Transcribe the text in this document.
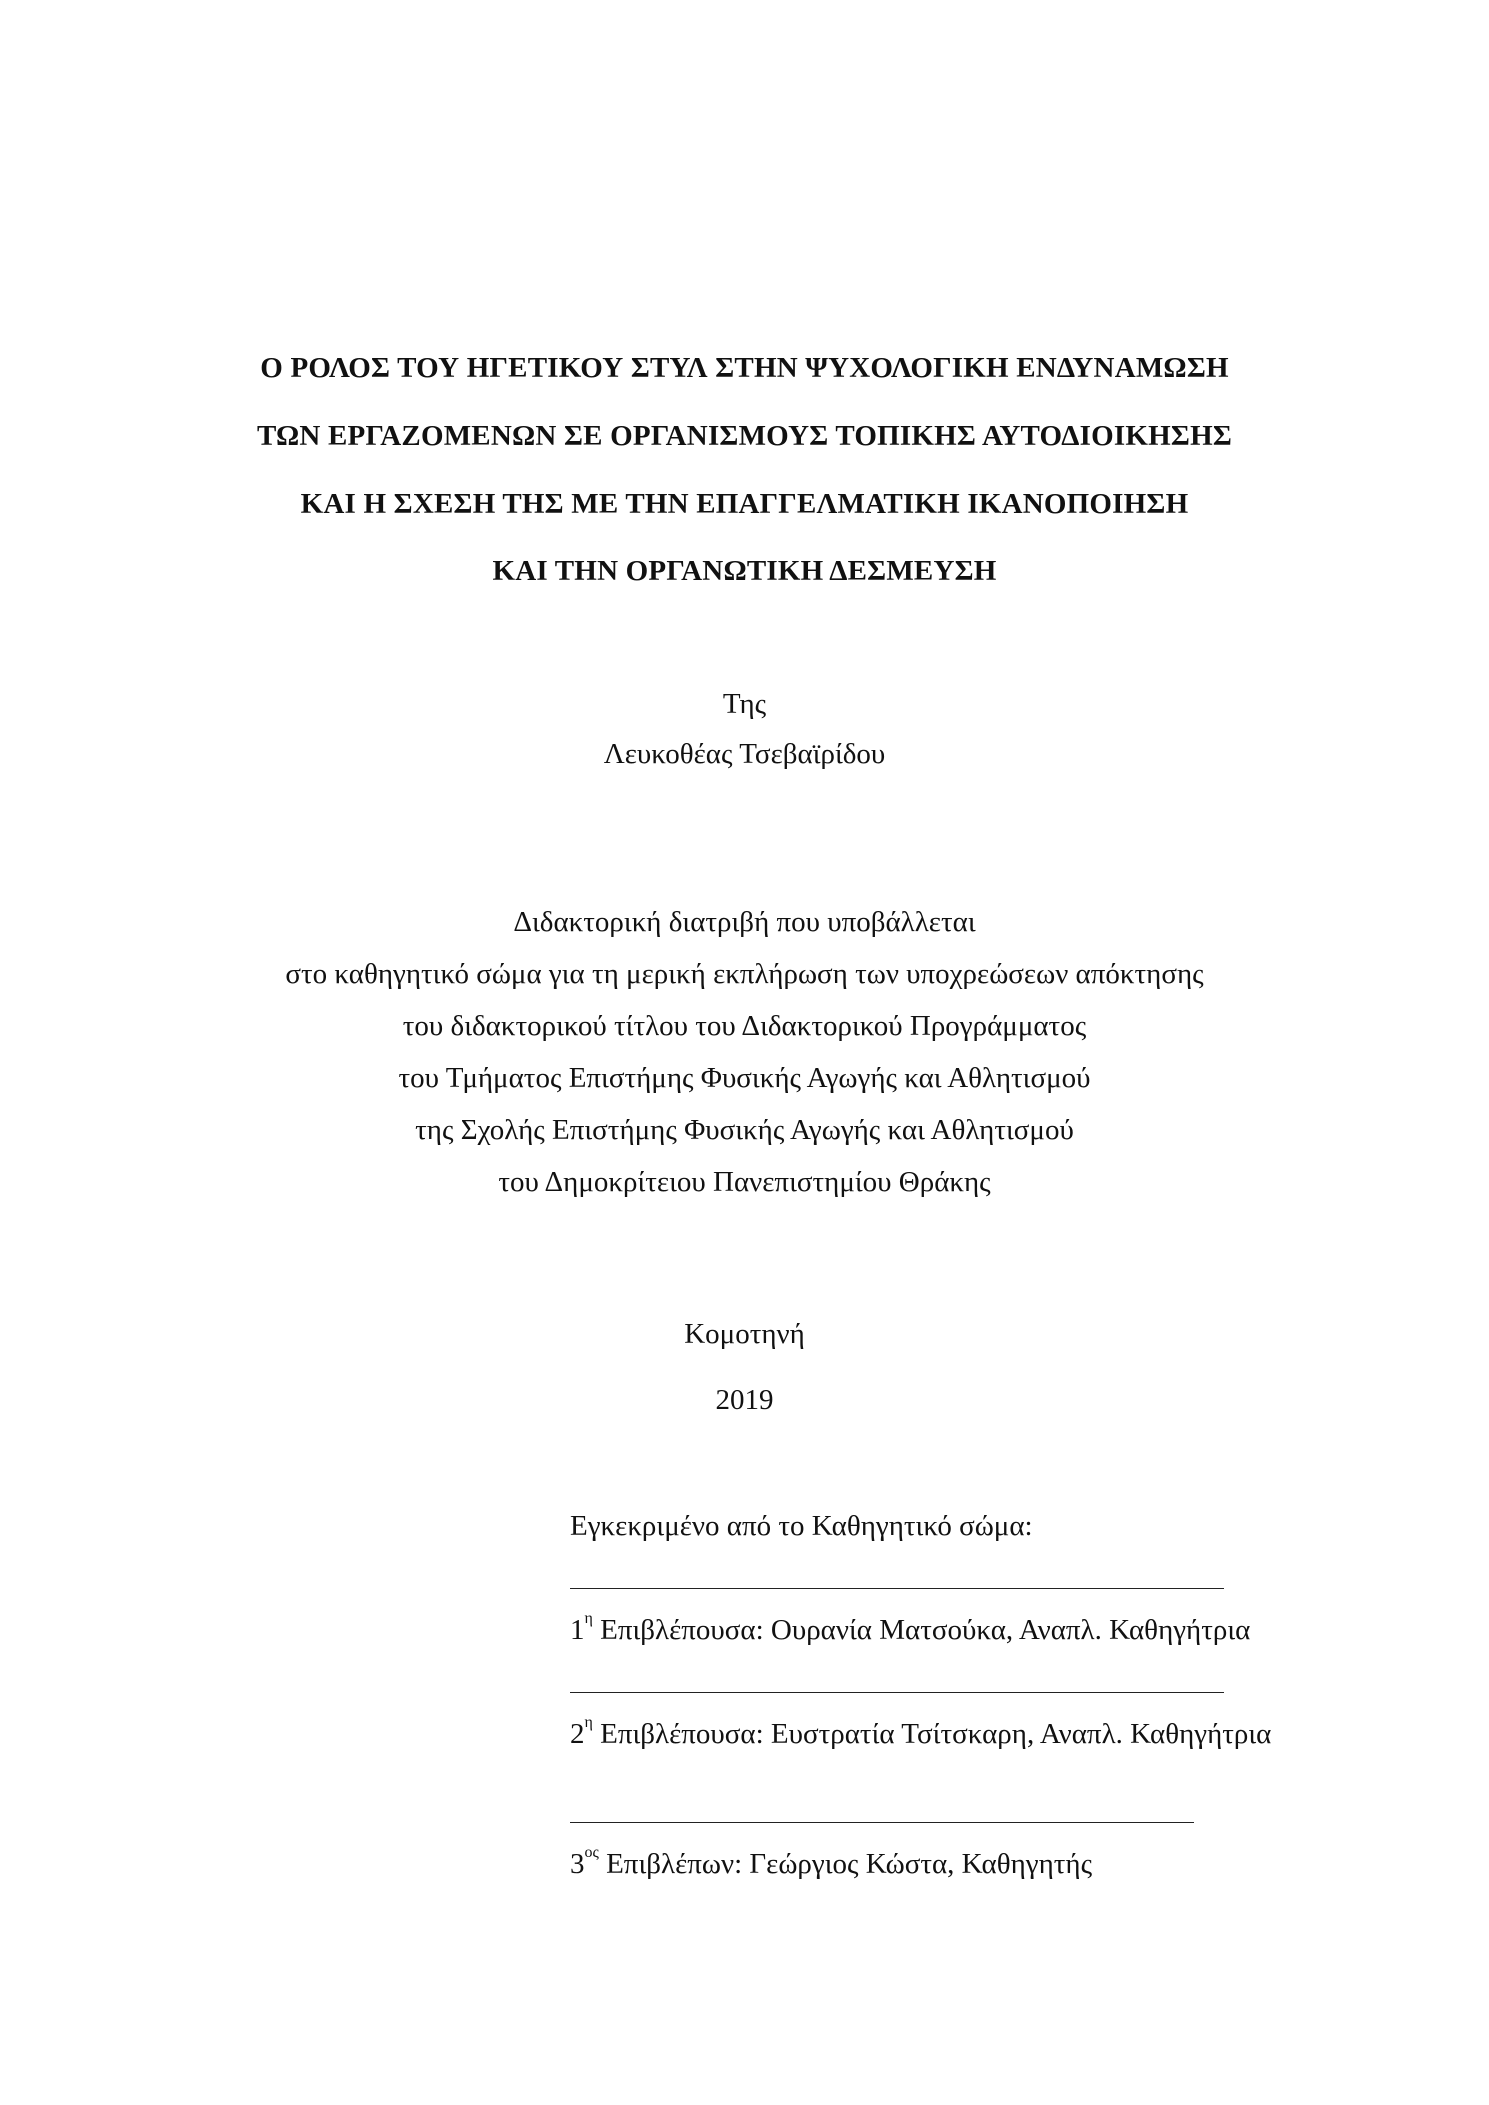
Ο ΡΟΛΟΣ ΤΟΥ ΗΓΕΤΙΚΟΥ ΣΤΥΛ ΣΤΗΝ ΨΥΧΟΛΟΓΙΚΗ ΕΝΔΥΝΑΜΩΣΗ
ΤΩΝ ΕΡΓΑΖΟΜΕΝΩΝ ΣΕ ΟΡΓΑΝΙΣΜΟΥΣ ΤΟΠΙΚΗΣ ΑΥΤΟΔΙΟΙΚΗΣΗΣ
ΚΑΙ Η ΣΧΕΣΗ ΤΗΣ ΜΕ ΤΗΝ ΕΠΑΓΓΕΛΜΑΤΙΚΗ ΙΚΑΝΟΠΟΙΗΣΗ
ΚΑΙ ΤΗΝ ΟΡΓΑΝΩΤΙΚΗ ΔΕΣΜΕΥΣΗ
Της
Λευκοθέας Τσεβαϊρίδου
Διδακτορική διατριβή που υποβάλλεται
στο καθηγητικό σώμα για τη μερική εκπλήρωση των υποχρεώσεων απόκτησης
του διδακτορικού τίτλου του Διδακτορικού Προγράμματος
του Τμήματος Επιστήμης Φυσικής Αγωγής και Αθλητισμού
της Σχολής Επιστήμης Φυσικής Αγωγής και Αθλητισμού
του Δημοκρίτειου Πανεπιστημίου Θράκης
Κομοτηνή
2019
Εγκεκριμένο από το Καθηγητικό σώμα:
$1^\eta$ Επιβλέπουσα: Ουρανία Ματσούκα, Αναπλ. Καθηγήτρια
$2^\eta$ Επιβλέπουσα: Ευστρατία Τσίτσκαρη, Αναπλ. Καθηγήτρια
$3^{o\varsigma}$ Επιβλέπων: Γεώργιος Κώστα, Καθηγητής
